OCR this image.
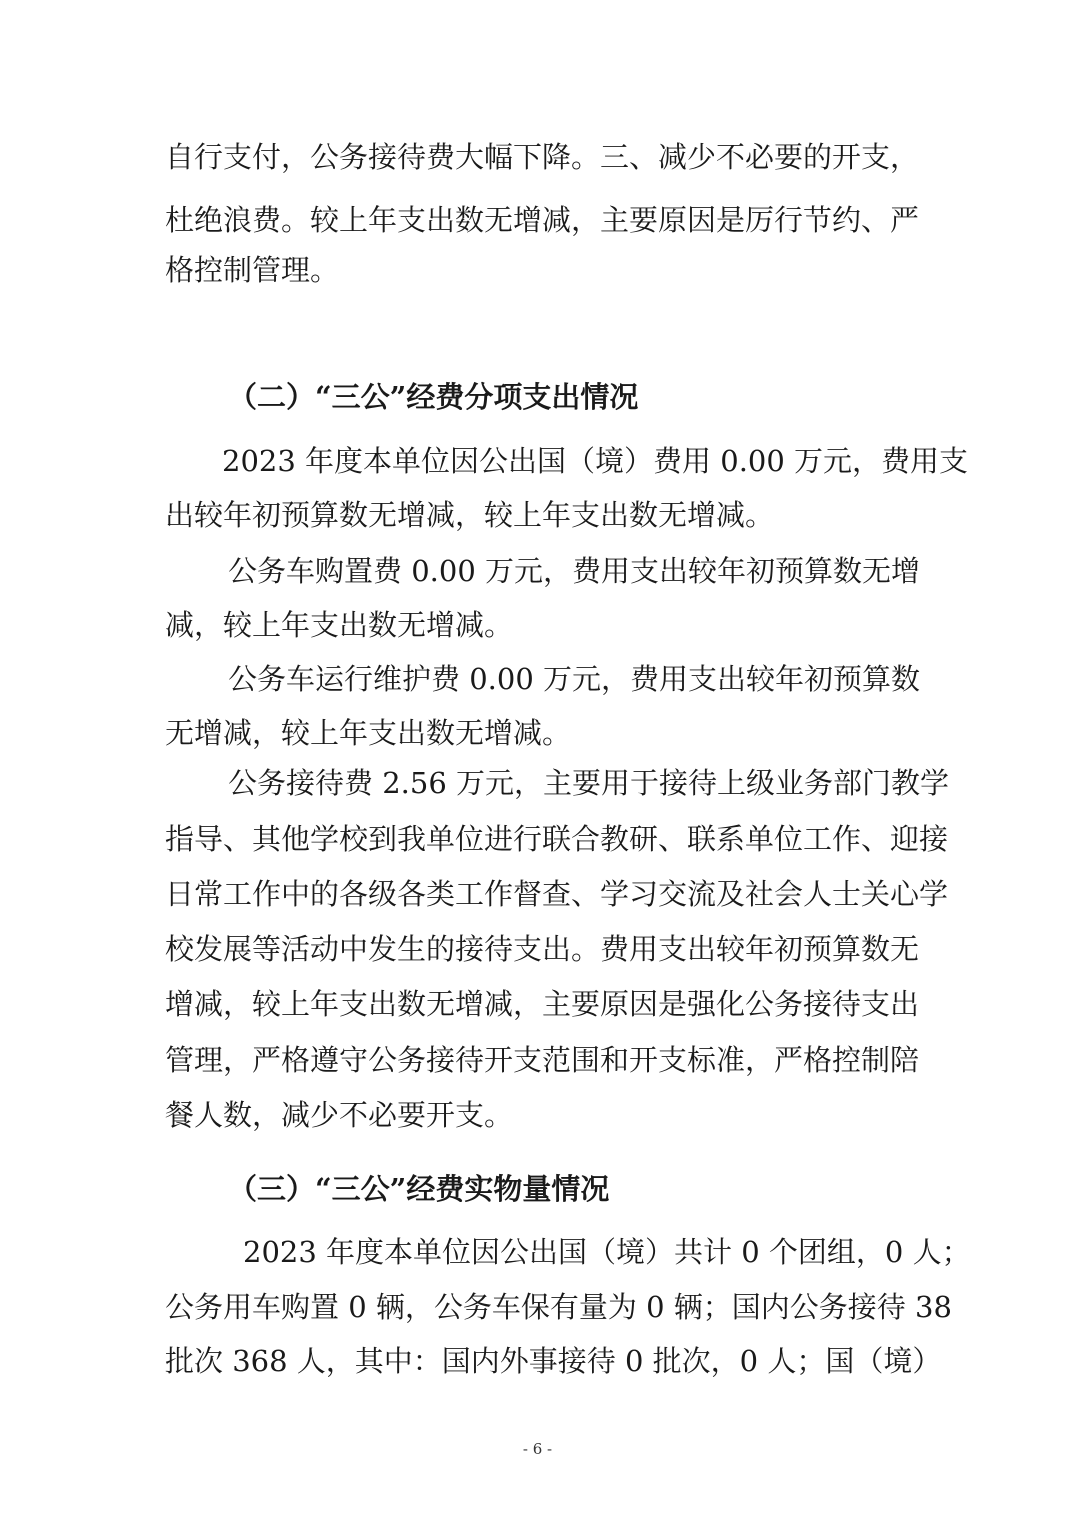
自行支付，公务接待费大幅下降。三、减少不必要的开支，
杜绝浪费。较上年支出数无增减，主要原因是厉行节约、严
格控制管理。
（二）“三公”经费分项支出情况
2023 年度本单位因公出国（境）费用 0.00 万元，费用支
出较年初预算数无增减，较上年支出数无增减。
公务车购置费 0.00 万元，费用支出较年初预算数无增
减，较上年支出数无增减。
公务车运行维护费 0.00 万元，费用支出较年初预算数
无增减，较上年支出数无增减。
公务接待费 2.56 万元，主要用于接待上级业务部门教学
指导、其他学校到我单位进行联合教研、联系单位工作、迎接
日常工作中的各级各类工作督查、学习交流及社会人士关心学
校发展等活动中发生的接待支出。费用支出较年初预算数无
增减，较上年支出数无增减，主要原因是强化公务接待支出
管理，严格遵守公务接待开支范围和开支标准，严格控制陪
餐人数，减少不必要开支。
（三）“三公”经费实物量情况
2023 年度本单位因公出国（境）共计 0 个团组，0 人；
公务用车购置 0 辆，公务车保有量为 0 辆；国内公务接待 38
批次 368 人，其中：国内外事接待 0 批次，0 人；国（境）
- 6 -
